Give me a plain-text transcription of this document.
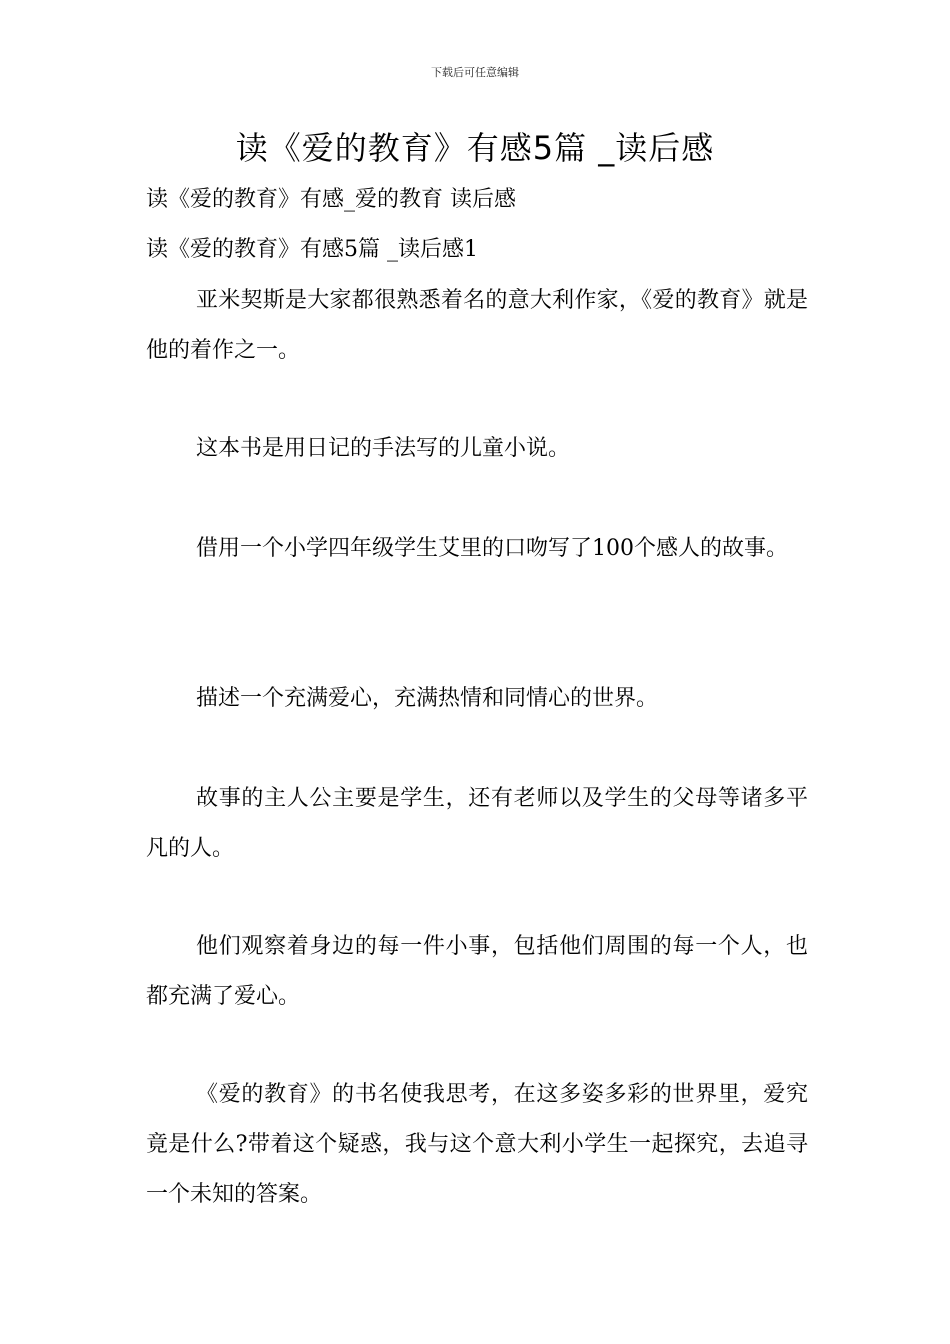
下载后可任意编辑
读《爱的教育》有感5篇 _读后感
读《爱的教育》有感_爱的教育 读后感
读《爱的教育》有感5篇 _读后感1

亚米契斯是大家都很熟悉着名的意大利作家，《爱的教育》就是他的着作之一。

这本书是用日记的手法写的儿童小说。

借用一个小学四年级学生艾里的口吻写了100个感人的故事。

描述一个充满爱心，充满热情和同情心的世界。

故事的主人公主要是学生，还有老师以及学生的父母等诸多平凡的人。

他们观察着身边的每一件小事，包括他们周围的每一个人，也都充满了爱心。

《爱的教育》的书名使我思考，在这多姿多彩的世界里，爱究竟是什么?带着这个疑惑，我与这个意大利小学生一起探究，去追寻一个未知的答案。
